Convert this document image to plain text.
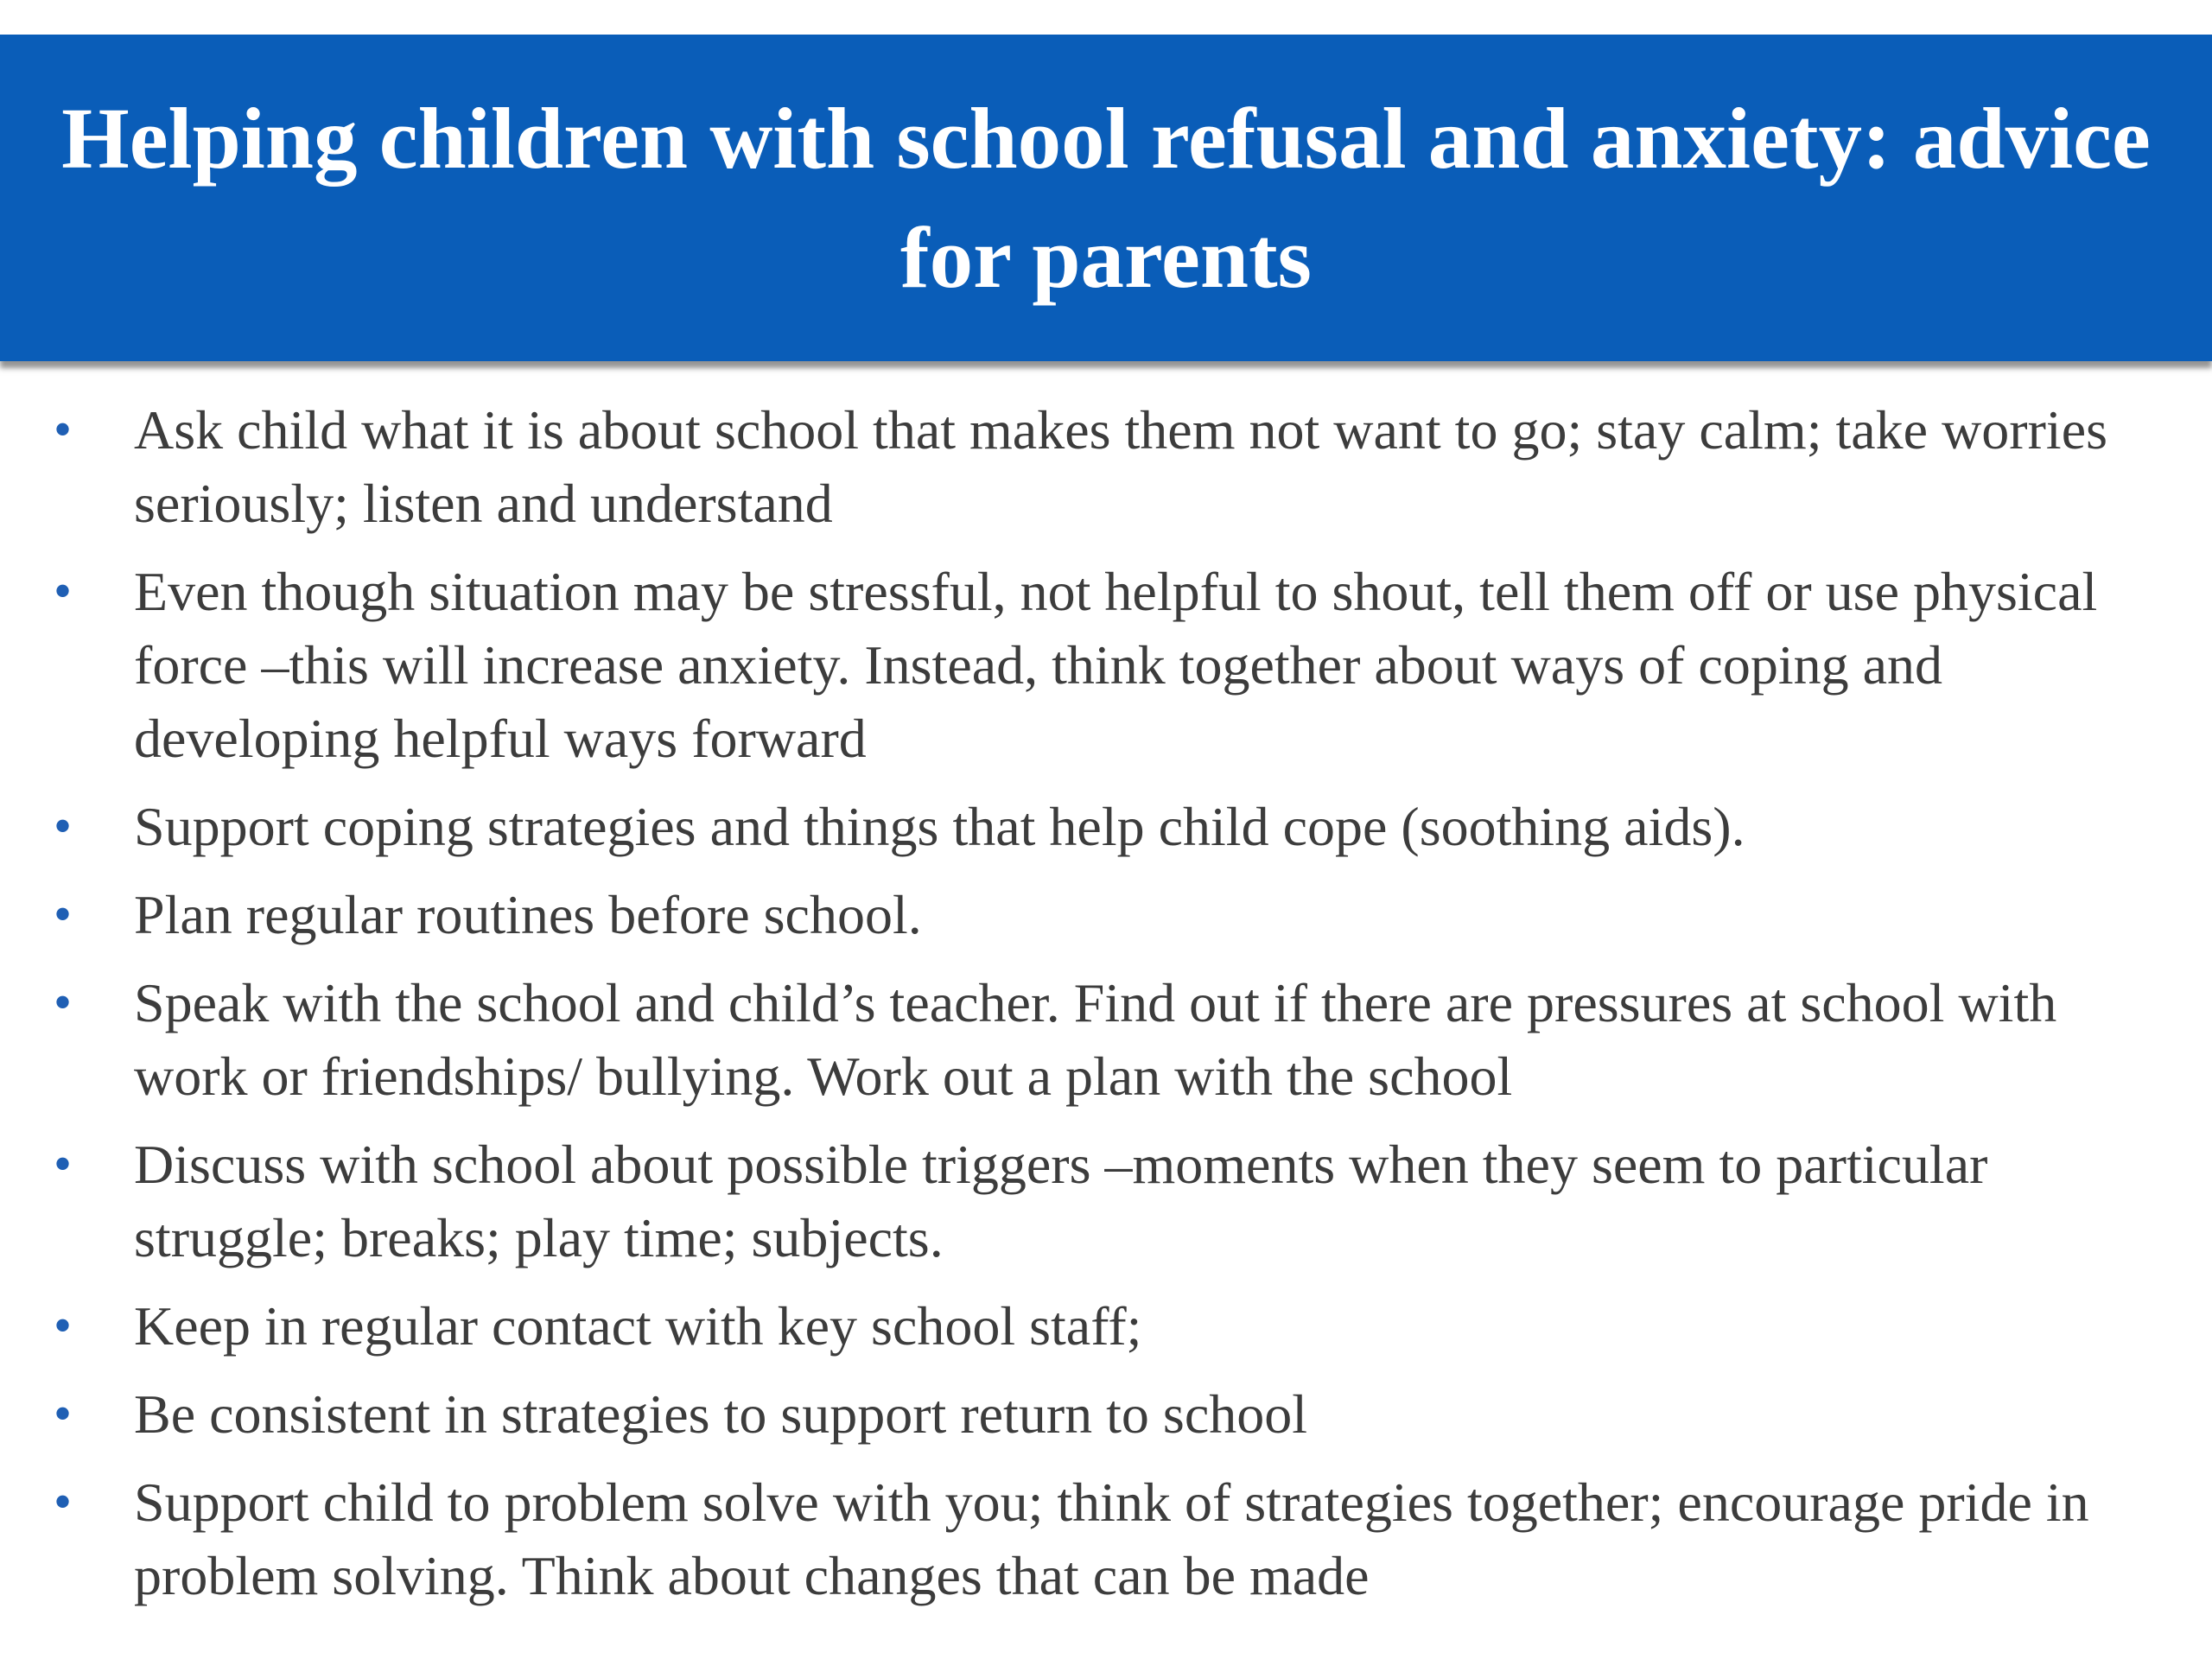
Helping children with school refusal and anxiety: advice for parents
• Ask child what it is about school that makes them not want to go; stay calm; take worries seriously; listen and understand
• Even though situation may be stressful, not helpful to shout, tell them off or use physical force –this will increase anxiety. Instead, think together about ways of coping and developing helpful ways forward
• Support coping strategies and things that help child cope (soothing aids).
• Plan regular routines before school.
• Speak with the school and child’s teacher. Find out if there are pressures at school with work or friendships/ bullying. Work out a plan with the school
• Discuss with school about possible triggers –moments when they seem to particular struggle; breaks; play time; subjects.
• Keep in regular contact with key school staff;
• Be consistent in strategies to support return to school
• Support child to problem solve with you; think of strategies together; encourage pride in problem solving. Think about changes that can be made
